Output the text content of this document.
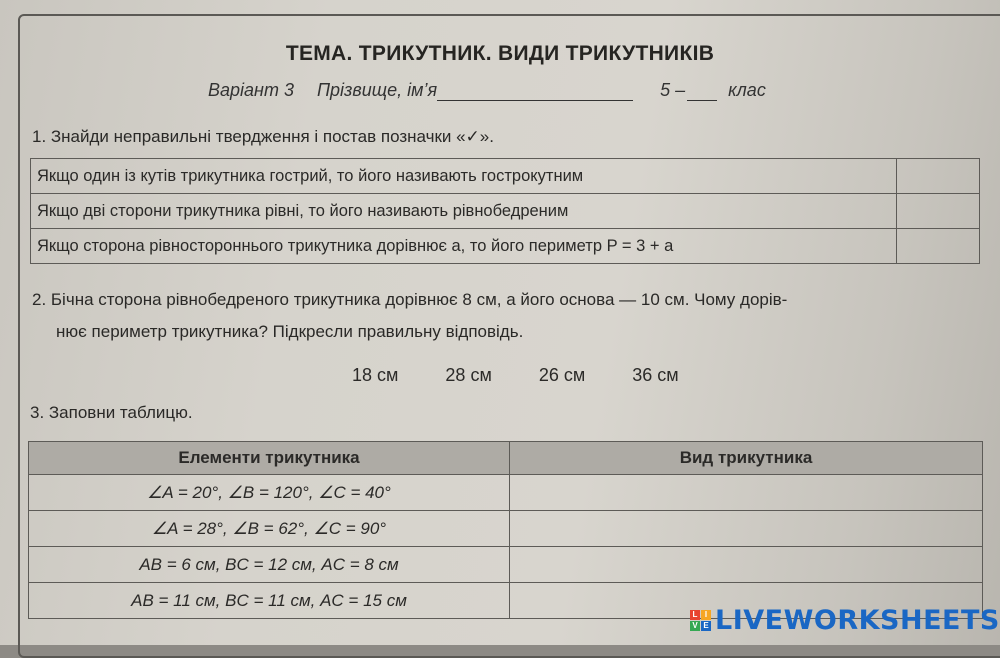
ТЕМА. ТРИКУТНИК. ВИДИ ТРИКУТНИКІВ
Варіант 3 Прізвище, ім’я	5 – клас
1. Знайди неправильні твердження і постав позначки «✓».
Якщо один із кутів трикутника гострий, то його називають гострокутним	
Якщо дві сторони трикутника рівні, то його називають рівнобедреним	
Якщо сторона рівностороннього трикутника дорівнює a, то його периметр P = 3 + a	
2. Бічна сторона рівнобедреного трикутника дорівнює 8 см, а його основа — 10 см. Чому дорів-
нює периметр трикутника? Підкресли правильну відповідь.
18 см	28 см	26 см	36 см
3. Заповни таблицю.
Елементи трикутника	Вид трикутника
∠A = 20°, ∠B = 120°, ∠C = 40°	
∠A = 28°, ∠B = 62°, ∠C = 90°	
AB = 6 см, BC = 12 см, AC = 8 см	
AB = 11 см, BC = 11 см, AC = 15 см	
L I
V E LIVEWORKSHEETS
